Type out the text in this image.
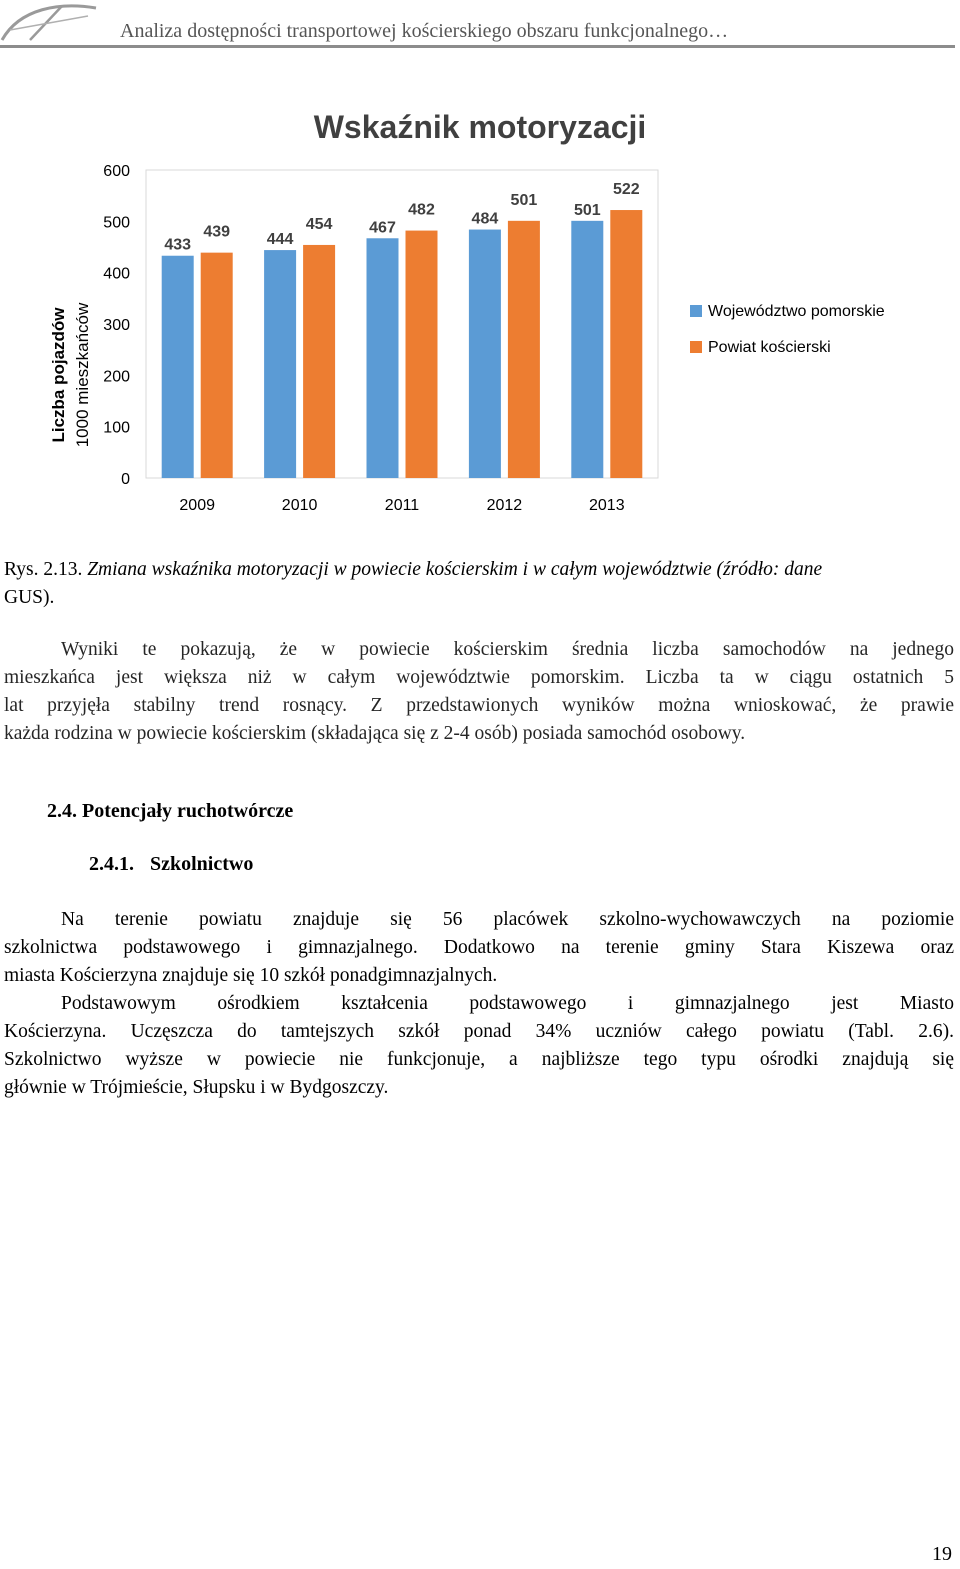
Analiza dostępności transportowej kościerskiego obszaru funkcjonalnego…
Wskaźnik motoryzacji
Liczba pojazdów 1000 mieszkańców
0
100
200
300
400
500
600
2009	2010	2011	2012	2013
433
439 444
454 467
482
484
501
501
522
Województwo pomorskie
Powiat kościerski
Rys. 2.13. Zmiana wskaźnika motoryzacji w powiecie kościerskim i w całym województwie (źródło: dane
GUS).
Wyniki te pokazują, że w powiecie kościerskim średnia liczba samochodów na jednego
mieszkańca jest większa niż w całym województwie pomorskim. Liczba ta w ciągu ostatnich 5
lat przyjęła stabilny trend rosnący. Z przedstawionych wyników można wnioskować, że prawie
każda rodzina w powiecie kościerskim (składająca się z 2-4 osób) posiada samochód osobowy.
2.4. Potencjały ruchotwórcze
2.4.1. Szkolnictwo
Na terenie powiatu znajduje się 56 placówek szkolno-wychowawczych na poziomie
szkolnictwa podstawowego i gimnazjalnego. Dodatkowo na terenie gminy Stara Kiszewa oraz
miasta Kościerzyna znajduje się 10 szkół ponadgimnazjalnych.
Podstawowym ośrodkiem kształcenia podstawowego i gimnazjalnego jest Miasto
Kościerzyna. Uczęszcza do tamtejszych szkół ponad 34% uczniów całego powiatu (Tabl. 2.6).
Szkolnictwo wyższe w powiecie nie funkcjonuje, a najbliższe tego typu ośrodki znajdują się
głównie w Trójmieście, Słupsku i w Bydgoszczy.
19
